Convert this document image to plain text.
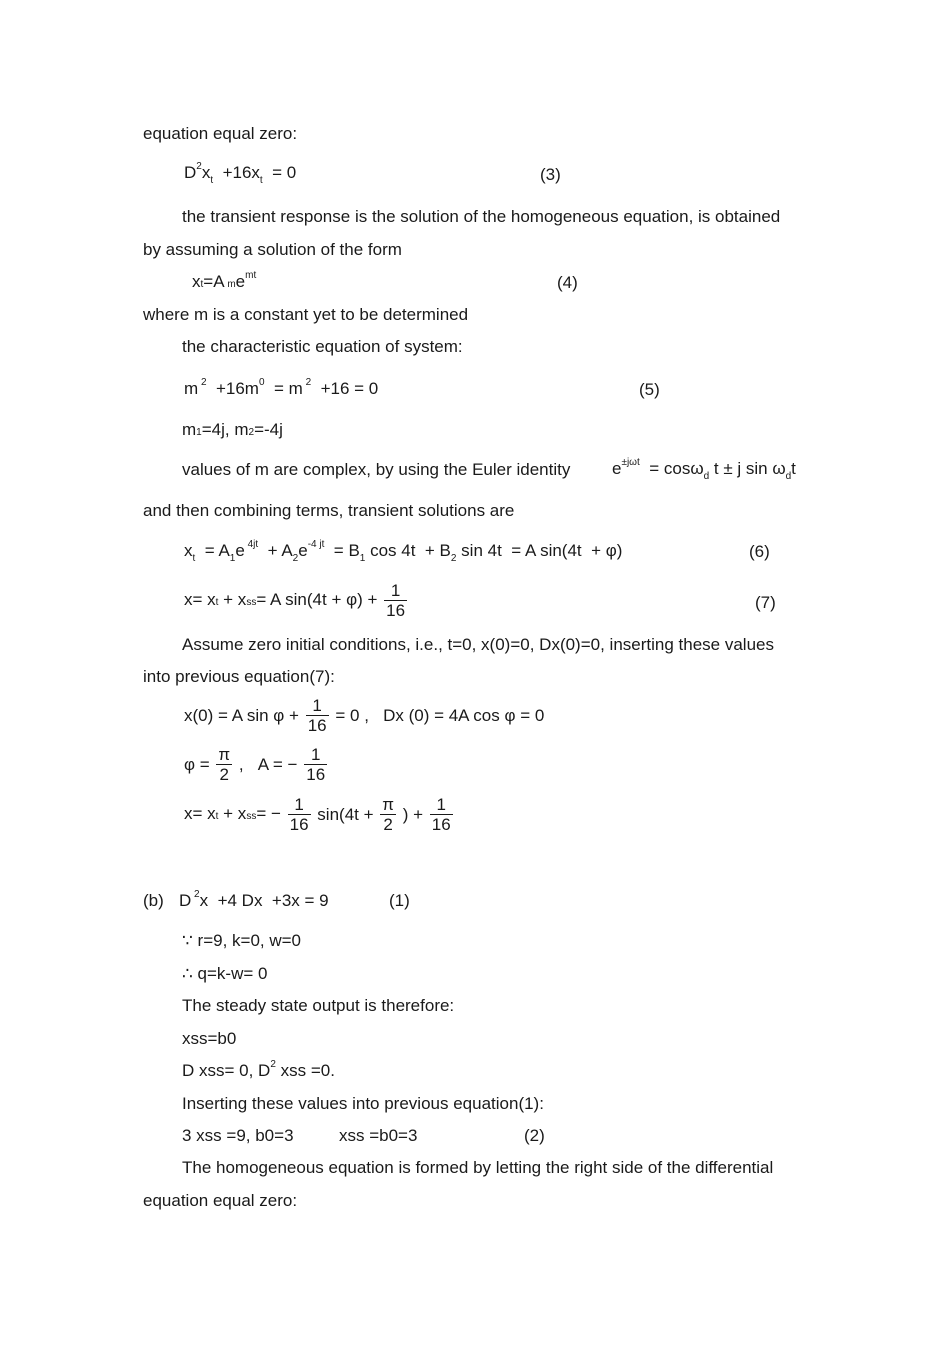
equation equal zero:
$D^2x_t +16x_t = 0$	(3)
the transient response is the solution of the homogeneous equation, is obtained
by assuming a solution of the form
xt=A $me^{mt}$	(4)
where m is a constant yet to be determined
the characteristic equation of system:
m $^2 +16m^0 = m$ $^2$  +16 = 0	(5)
m1=4j, m2=-4j
values of m are complex, by using the Euler identity $e^{\pm j\omega t} = \cos\omega_d$ t ± j $\sin \omega_dt$
and then combining terms, transient solutions are
$x_t = A_1e$ $^{4jt} + A_2e^{-4 jt} = B_1$ $\cos 4t + B_2$ sin 4t  = A sin(4t  + φ)	(6)
x= xt + xss= A $\sin(4t + \varphi) + \frac{1}{16}$	(7)
Assume zero initial conditions, i.e., t=0, x(0)=0, Dx(0)=0, inserting these values
into previous equation(7):
x(0) = A $\sin \varphi + \frac{1}{16} = 0$ ,   Dx (0) = 4A cos φ = 0
$\varphi = \frac{\pi}{2}$ ,   A = − $\frac{1}{16}$
x= xt + $xss= - \frac{1}{16} \sin(4t + \frac{\pi}{2}$ ) + $\frac{1}{16}$
(b) D $^2$x  +4 Dx  +3x = 9	(1)
∵ r=9, k=0, w=0
∴ q=k-w= 0
The steady state output is therefore:
xss=b0
D xss= 0, $D^2$ xss =0.
Inserting these values into previous equation(1):
3 xss =9, b0=3	xss =b0=3	(2)
The homogeneous equation is formed by letting the right side of the differential
equation equal zero:
